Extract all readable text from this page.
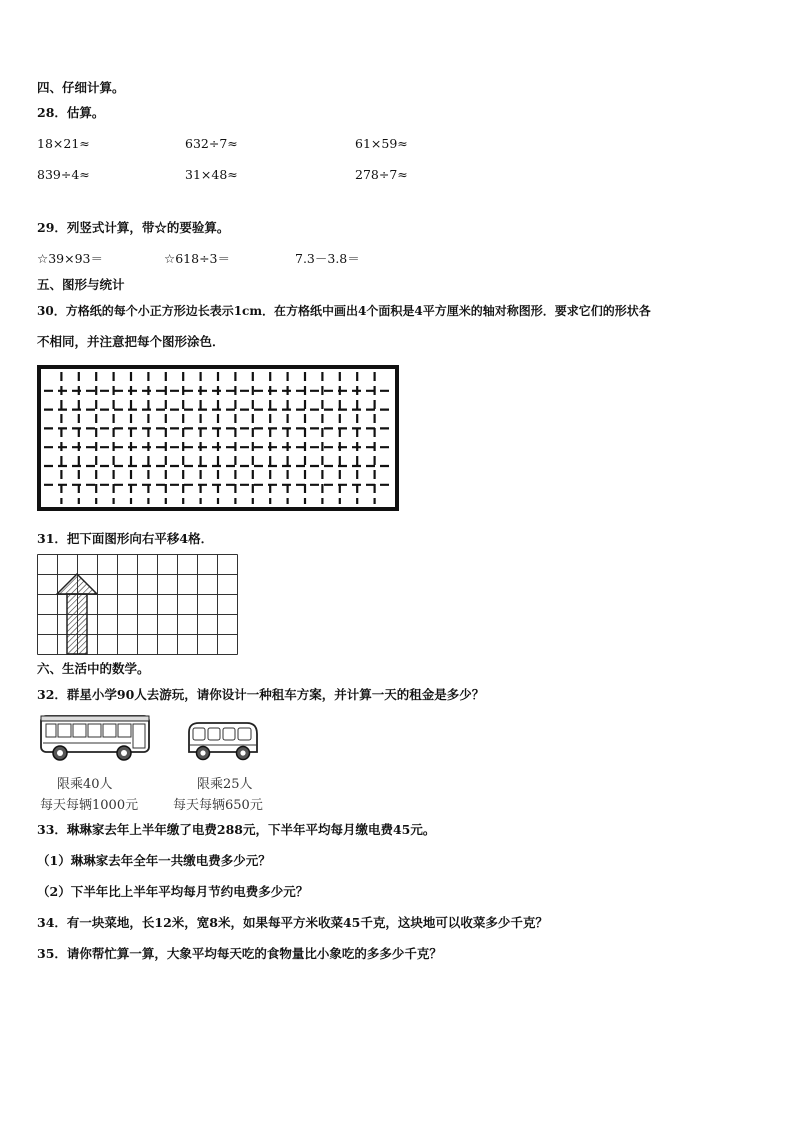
四、仔细计算。
28．估算。
18×21≈	632÷7≈	61×59≈
839÷4≈	31×48≈	278÷7≈
29．列竖式计算，带☆的要验算。
☆39×93＝	☆618÷3＝	7.3－3.8＝
五、图形与统计
30．方格纸的每个小正方形边长表示1cm．在方格纸中画出4个面积是4平方厘米的轴对称图形．要求它们的形状各
不相同，并注意把每个图形涂色．
31．把下面图形向右平移4格．
六、生活中的数学。
32．群星小学90人去游玩，请你设计一种租车方案，并计算一天的租金是多少？
限乘40人
每天每辆1000元
限乘25人
每天每辆650元
33．琳琳家去年上半年缴了电费288元，下半年平均每月缴电费45元。
（1）琳琳家去年全年一共缴电费多少元？
（2）下半年比上半年平均每月节约电费多少元？
34．有一块菜地，长12米，宽8米，如果每平方米收菜45千克，这块地可以收菜多少千克？
35．请你帮忙算一算，大象平均每天吃的食物量比小象吃的多多少千克？
